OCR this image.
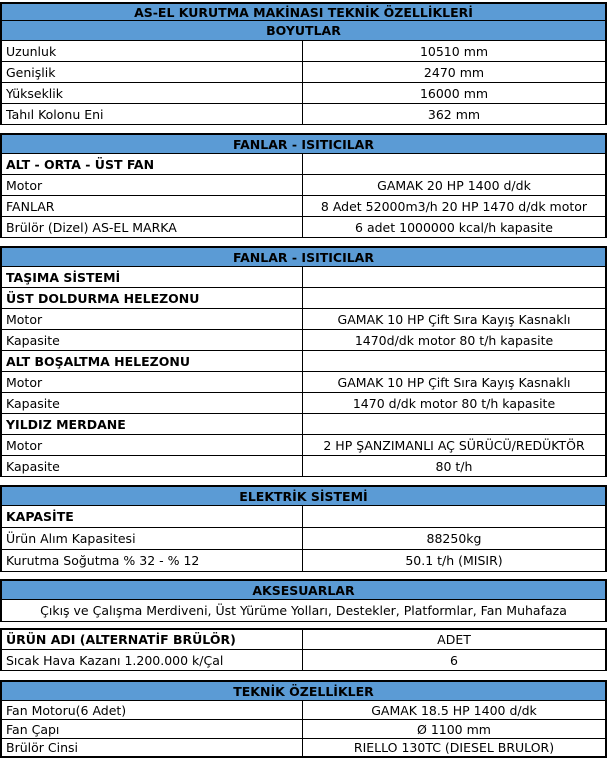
AS-EL KURUTMA MAKİNASI TEKNİK ÖZELLİKLERİ
BOYUTLAR
Uzunluk	10510 mm
Genişlik	2470 mm
Yükseklik	16000 mm
Tahıl Kolonu Eni	362 mm
FANLAR - ISITICILAR
ALT - ORTA - ÜST FAN
Motor	GAMAK 20 HP 1400 d/dk
FANLAR	8 Adet 52000m3/h 20 HP 1470 d/dk motor
Brülör (Dizel) AS-EL MARKA	6 adet 1000000 kcal/h kapasite
FANLAR - ISITICILAR
TAŞIMA SİSTEMİ
ÜST DOLDURMA HELEZONU
Motor	GAMAK 10 HP Çift Sıra Kayış Kasnaklı
Kapasite	1470d/dk motor 80 t/h kapasite
ALT BOŞALTMA HELEZONU
Motor	GAMAK 10 HP Çift Sıra Kayış Kasnaklı
Kapasite	1470 d/dk motor 80 t/h kapasite
YILDIZ MERDANE
Motor	2 HP ŞANZIMANLI AÇ SÜRÜCÜ/REDÜKTÖR
Kapasite	80 t/h
ELEKTRİK SİSTEMİ
KAPASİTE
Ürün Alım Kapasitesi	88250kg
Kurutma Soğutma % 32 - % 12	50.1 t/h (MISIR)
AKSESUARLAR
Çıkış ve Çalışma Merdiveni, Üst Yürüme Yolları, Destekler, Platformlar, Fan Muhafaza
ÜRÜN ADI (ALTERNATİF BRÜLÖR)	ADET
Sıcak Hava Kazanı 1.200.000 k/Çal	6
TEKNİK ÖZELLİKLER
Fan Motoru(6 Adet)	GAMAK 18.5 HP 1400 d/dk
Fan Çapı	Ø 1100 mm
Brülör Cinsi	RIELLO 130TC (DIESEL BRULOR)
